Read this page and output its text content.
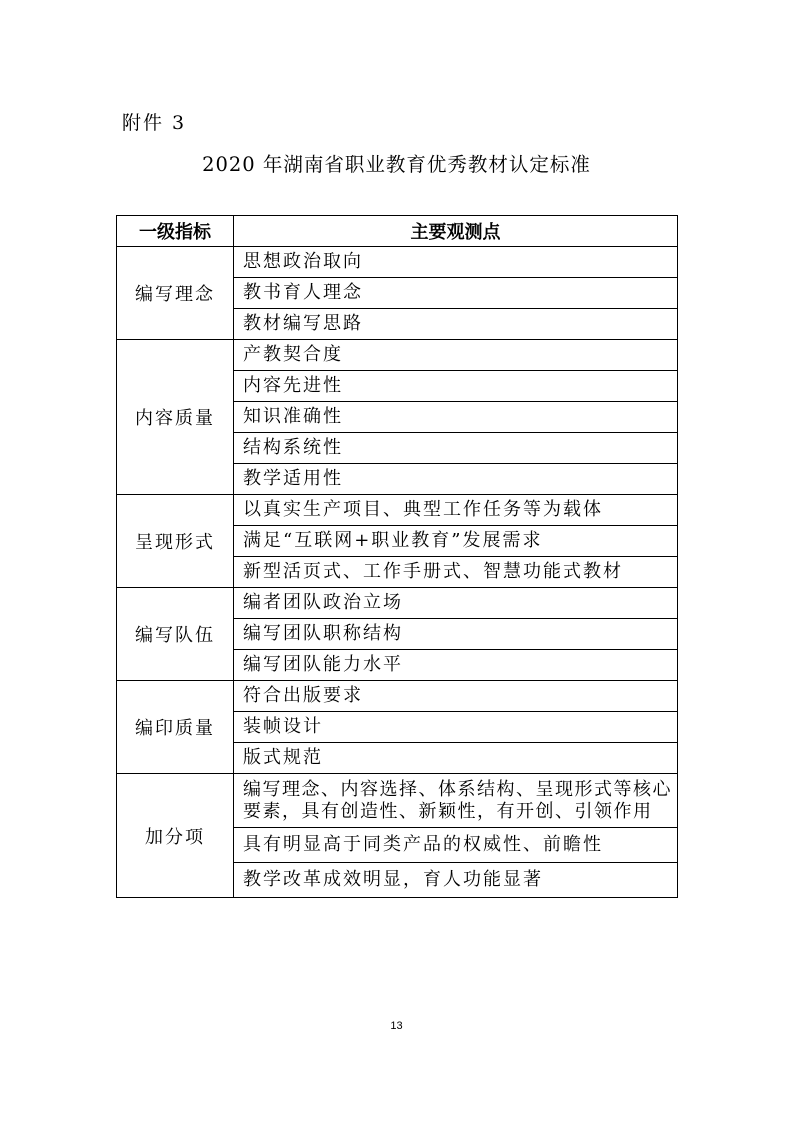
附件 3
2020 年湖南省职业教育优秀教材认定标准
一级指标	主要观测点
编写理念	思想政治取向
	教书育人理念
	教材编写思路
内容质量	产教契合度
	内容先进性
	知识准确性
	结构系统性
	教学适用性
呈现形式	以真实生产项目、典型工作任务等为载体
	满足“互联网+职业教育”发展需求
	新型活页式、工作手册式、智慧功能式教材
编写队伍	编者团队政治立场
	编写团队职称结构
	编写团队能力水平
编印质量	符合出版要求
	装帧设计
	版式规范
加分项	编写理念、内容选择、体系结构、呈现形式等核心要素，具有创造性、新颖性，有开创、引领作用
	具有明显高于同类产品的权威性、前瞻性
	教学改革成效明显，育人功能显著
13
